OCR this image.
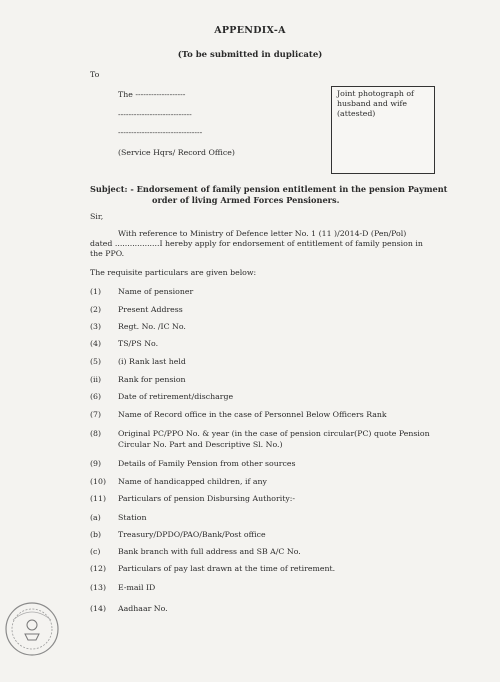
APPENDIX-A
(To be submitted in duplicate)
To
The -------------------
----------------------------
--------------------------------
(Service Hqrs/ Record Office)
Joint photograph of husband and wife (attested)
Subject: - Endorsement of family pension entitlement in the pension Payment
order of living Armed Forces Pensioners.
Sir,
With reference to Ministry of Defence letter No. 1 (11 )/2014-D (Pen/Pol)
dated ..................I hereby apply for endorsement of entitlement of family pension in
the PPO.
The requisite particulars are given below:
(1) Name of pensioner
(2) Present Address
(3) Regt. No. /IC No.
(4) TS/PS No.
(5) (i) Rank last held
(ii) Rank for pension
(6) Date of retirement/discharge
(7) Name of Record office in the case of Personnel Below Officers Rank
(8) Original PC/PPO No. & year (in the case of pension circular(PC) quote Pension Circular No. Part and Descriptive Sl. No.)
(9) Details of Family Pension from other sources
(10) Name of handicapped children, if any
(11) Particulars of pension Disbursing Authority:-
(a) Station
(b) Treasury/DPDO/PAO/Bank/Post office
(c) Bank branch with full address and SB A/C No.
(12) Particulars of pay last drawn at the time of retirement.
(13) E-mail ID
(14) Aadhaar No.
